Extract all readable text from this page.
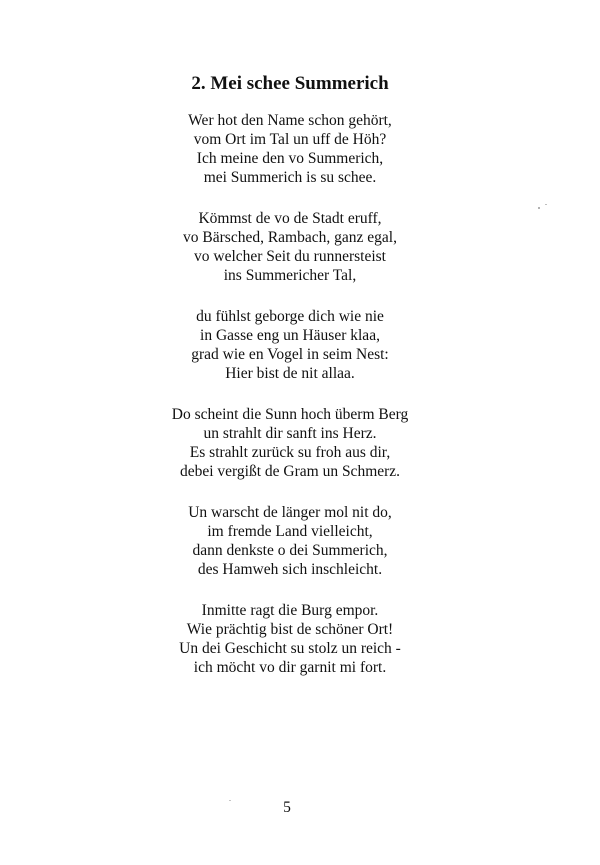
2. Mei schee Summerich
Wer hot den Name schon gehört,
vom Ort im Tal un uff de Höh?
Ich meine den vo Summerich,
mei Summerich is su schee.
Kömmst de vo de Stadt eruff,
vo Bärsched, Rambach, ganz egal,
vo welcher Seit du runnersteist
ins Summericher Tal,
du fühlst geborge dich wie nie
in Gasse eng un Häuser klaa,
grad wie en Vogel in seim Nest:
Hier bist de nit allaa.
Do scheint die Sunn hoch überm Berg
un strahlt dir sanft ins Herz.
Es strahlt zurück su froh aus dir,
debei vergißt de Gram un Schmerz.
Un warscht de länger mol nit do,
im fremde Land vielleicht,
dann denkste o dei Summerich,
des Hamweh sich inschleicht.
Inmitte ragt die Burg empor.
Wie prächtig bist de schöner Ort!
Un dei Geschicht su stolz un reich -
ich möcht vo dir garnit mi fort.
5
